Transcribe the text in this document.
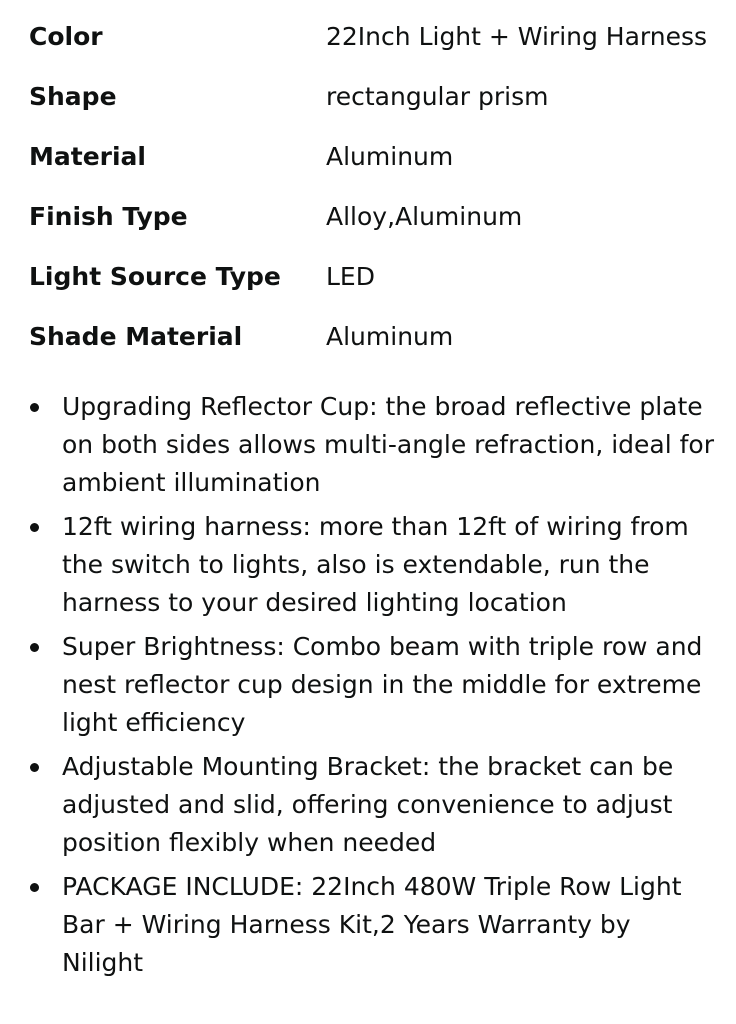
Color	22Inch Light + Wiring Harness
Shape	rectangular prism
Material	Aluminum
Finish Type	Alloy,Aluminum
Light Source Type	LED
Shade Material	Aluminum
Upgrading Reflector Cup: the broad reflective plate on both sides allows multi-angle refraction, ideal for ambient illumination
12ft wiring harness: more than 12ft of wiring from the switch to lights, also is extendable, run the harness to your desired lighting location
Super Brightness: Combo beam with triple row and nest reflector cup design in the middle for extreme light efficiency
Adjustable Mounting Bracket: the bracket can be adjusted and slid, offering convenience to adjust position flexibly when needed
PACKAGE INCLUDE: 22Inch 480W Triple Row Light Bar + Wiring Harness Kit,2 Years Warranty by Nilight
